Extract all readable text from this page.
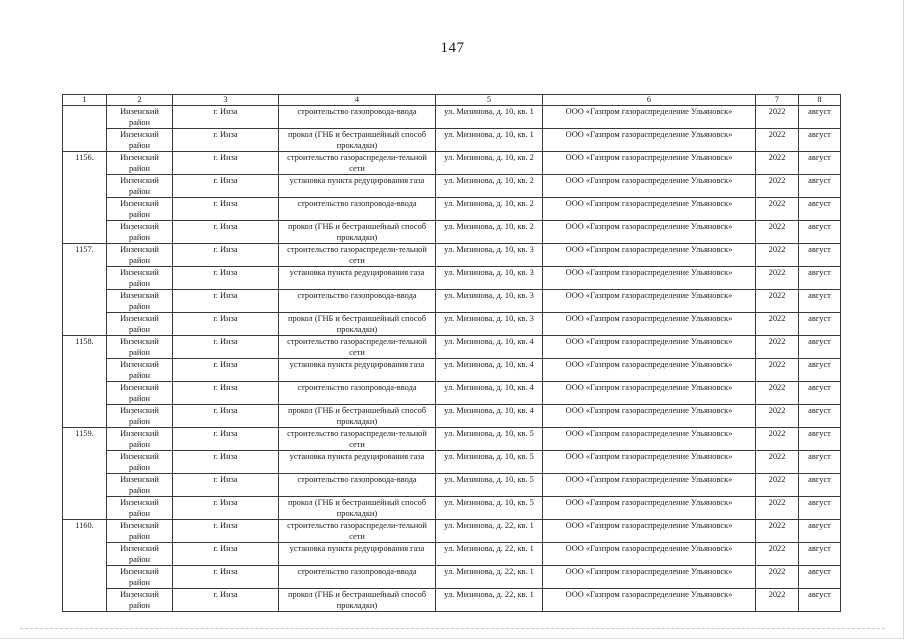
147
1	2	3	4	5	6	7	8
	Инзенский район	г. Инза	строительство газопровода-ввода	ул. Мизинова, д. 10, кв. 1	ООО «Газпром газораспределение Ульяновск»	2022	август
	Инзенский район	г. Инза	прокол (ГНБ и бестраншейный способ прокладки)	ул. Мизинова, д. 10, кв. 1	ООО «Газпром газораспределение Ульяновск»	2022	август
1156.	Инзенский район	г. Инза	строительство газораспредели-тельной сети	ул. Мизинова, д. 10, кв. 2	ООО «Газпром газораспределение Ульяновск»	2022	август
	Инзенский район	г. Инза	установка пункта редуцирования газа	ул. Мизинова, д. 10, кв. 2	ООО «Газпром газораспределение Ульяновск»	2022	август
	Инзенский район	г. Инза	строительство газопровода-ввода	ул. Мизинова, д. 10, кв. 2	ООО «Газпром газораспределение Ульяновск»	2022	август
	Инзенский район	г. Инза	прокол (ГНБ и бестраншейный способ прокладки)	ул. Мизинова, д. 10, кв. 2	ООО «Газпром газораспределение Ульяновск»	2022	август
1157.	Инзенский район	г. Инза	строительство газораспредели-тельной сети	ул. Мизинова, д. 10, кв. 3	ООО «Газпром газораспределение Ульяновск»	2022	август
	Инзенский район	г. Инза	установка пункта редуцирования газа	ул. Мизинова, д. 10, кв. 3	ООО «Газпром газораспределение Ульяновск»	2022	август
	Инзенский район	г. Инза	строительство газопровода-ввода	ул. Мизинова, д. 10, кв. 3	ООО «Газпром газораспределение Ульяновск»	2022	август
	Инзенский район	г. Инза	прокол (ГНБ и бестраншейный способ прокладки)	ул. Мизинова, д. 10, кв. 3	ООО «Газпром газораспределение Ульяновск»	2022	август
1158.	Инзенский район	г. Инза	строительство газораспредели-тельной сети	ул. Мизинова, д. 10, кв. 4	ООО «Газпром газораспределение Ульяновск»	2022	август
	Инзенский район	г. Инза	установка пункта редуцирования газа	ул. Мизинова, д. 10, кв. 4	ООО «Газпром газораспределение Ульяновск»	2022	август
	Инзенский район	г. Инза	строительство газопровода-ввода	ул. Мизинова, д. 10, кв. 4	ООО «Газпром газораспределение Ульяновск»	2022	август
	Инзенский район	г. Инза	прокол (ГНБ и бестраншейный способ прокладки)	ул. Мизинова, д. 10, кв. 4	ООО «Газпром газораспределение Ульяновск»	2022	август
1159.	Инзенский район	г. Инза	строительство газораспредели-тельной сети	ул. Мизинова, д. 10, кв. 5	ООО «Газпром газораспределение Ульяновск»	2022	август
	Инзенский район	г. Инза	установка пункта редуцирования газа	ул. Мизинова, д. 10, кв. 5	ООО «Газпром газораспределение Ульяновск»	2022	август
	Инзенский район	г. Инза	строительство газопровода-ввода	ул. Мизинова, д. 10, кв. 5	ООО «Газпром газораспределение Ульяновск»	2022	август
	Инзенский район	г. Инза	прокол (ГНБ и бестраншейный способ прокладки)	ул. Мизинова, д. 10, кв. 5	ООО «Газпром газораспределение Ульяновск»	2022	август
1160.	Инзенский район	г. Инза	строительство газораспредели-тельной сети	ул. Мизинова, д. 22, кв. 1	ООО «Газпром газораспределение Ульяновск»	2022	август
	Инзенский район	г. Инза	установка пункта редуцирования газа	ул. Мизинова, д. 22, кв. 1	ООО «Газпром газораспределение Ульяновск»	2022	август
	Инзенский район	г. Инза	строительство газопровода-ввода	ул. Мизинова, д. 22, кв. 1	ООО «Газпром газораспределение Ульяновск»	2022	август
	Инзенский район	г. Инза	прокол (ГНБ и бестраншейный способ прокладки)	ул. Мизинова, д. 22, кв. 1	ООО «Газпром газораспределение Ульяновск»	2022	август
